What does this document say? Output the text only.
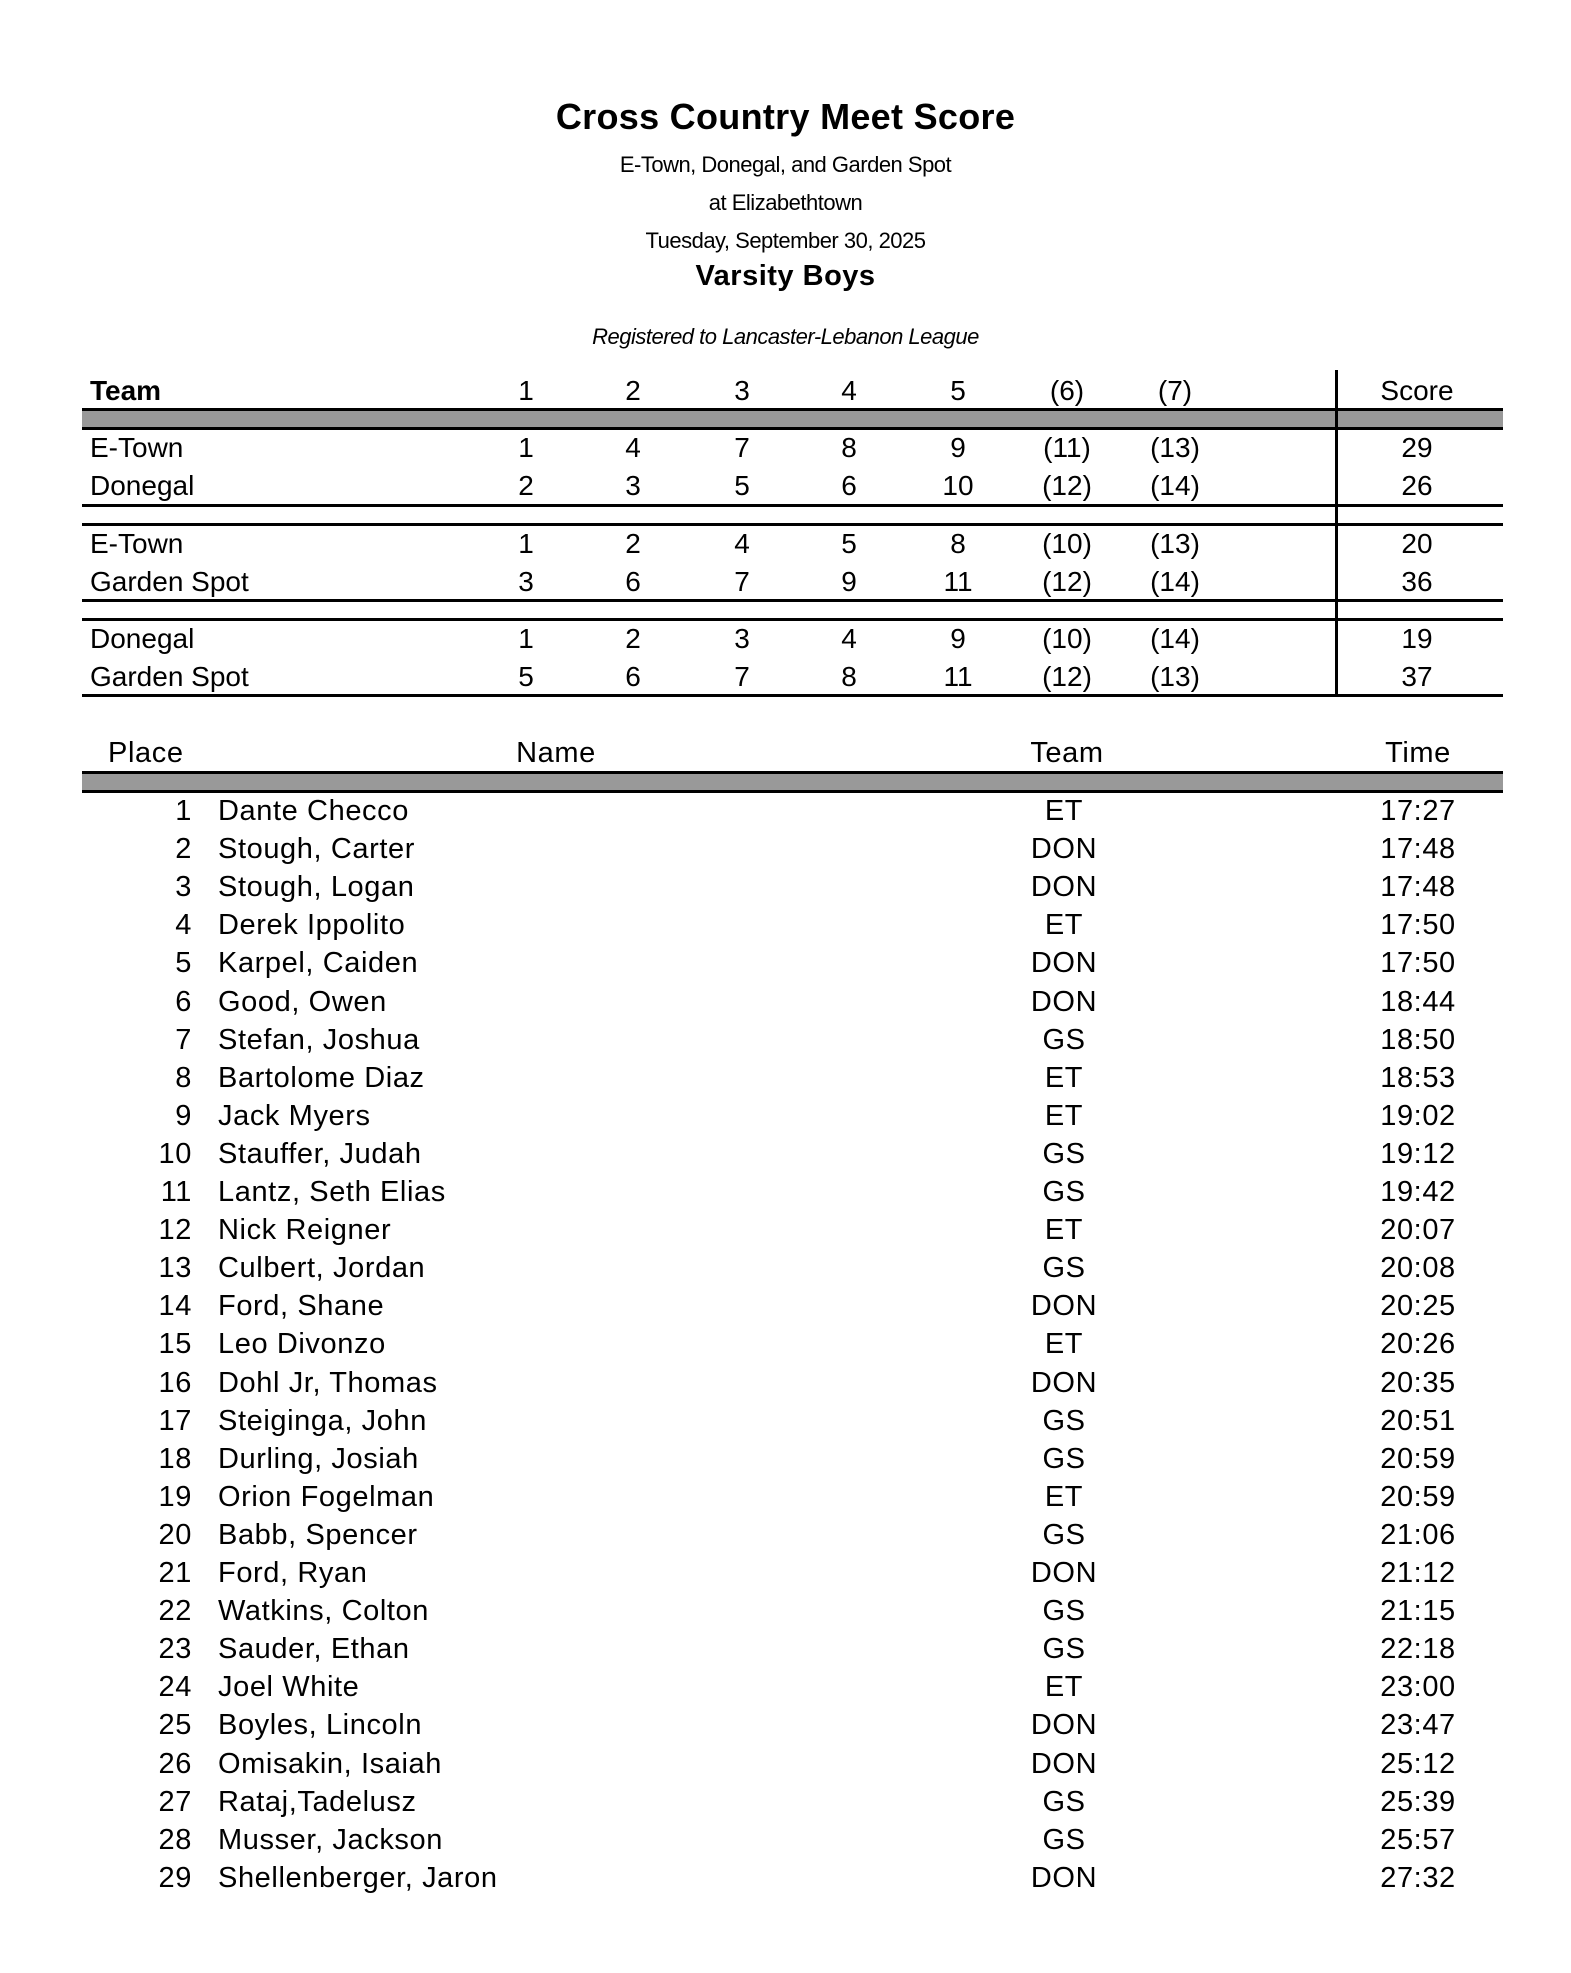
Cross Country Meet Score
E-Town, Donegal, and Garden Spot
at Elizabethtown
Tuesday, September 30, 2025
Varsity Boys
Registered to Lancaster-Lebanon League
Team	1	2	3	4	5	(6)	(7)	Score
E-Town	1	4	7	8	9	(11) (13)	29
Donegal	2	3	5	6	10 (12) (14)	26
E-Town	1	2	4	5	8	(10) (13)	20
Garden Spot	3	6	7	9	11 (12) (14)	36
Donegal	1	2	3	4	9	(10) (14)	19
Garden Spot	5	6	7	8	11 (12) (13)	37
Place	Name	Team	Time
1 Dante Checco	ET	17:27
2 Stough, Carter	DON	17:48
3 Stough, Logan	DON	17:48
4 Derek Ippolito	ET	17:50
5 Karpel, Caiden	DON	17:50
6 Good, Owen	DON	18:44
7 Stefan, Joshua	GS	18:50
8 Bartolome Diaz	ET	18:53
9 Jack Myers	ET	19:02
10 Stauffer, Judah	GS	19:12
11 Lantz, Seth Elias	GS	19:42
12 Nick Reigner	ET	20:07
13 Culbert, Jordan	GS	20:08
14 Ford, Shane	DON	20:25
15 Leo Divonzo	ET	20:26
16 Dohl Jr, Thomas	DON	20:35
17 Steiginga, John	GS	20:51
18 Durling, Josiah	GS	20:59
19 Orion Fogelman	ET	20:59
20 Babb, Spencer	GS	21:06
21 Ford, Ryan	DON	21:12
22 Watkins, Colton	GS	21:15
23 Sauder, Ethan	GS	22:18
24 Joel White	ET	23:00
25 Boyles, Lincoln	DON	23:47
26 Omisakin, Isaiah	DON	25:12
27 Rataj,Tadelusz	GS	25:39
28 Musser, Jackson	GS	25:57
29 Shellenberger, Jaron	DON	27:32
